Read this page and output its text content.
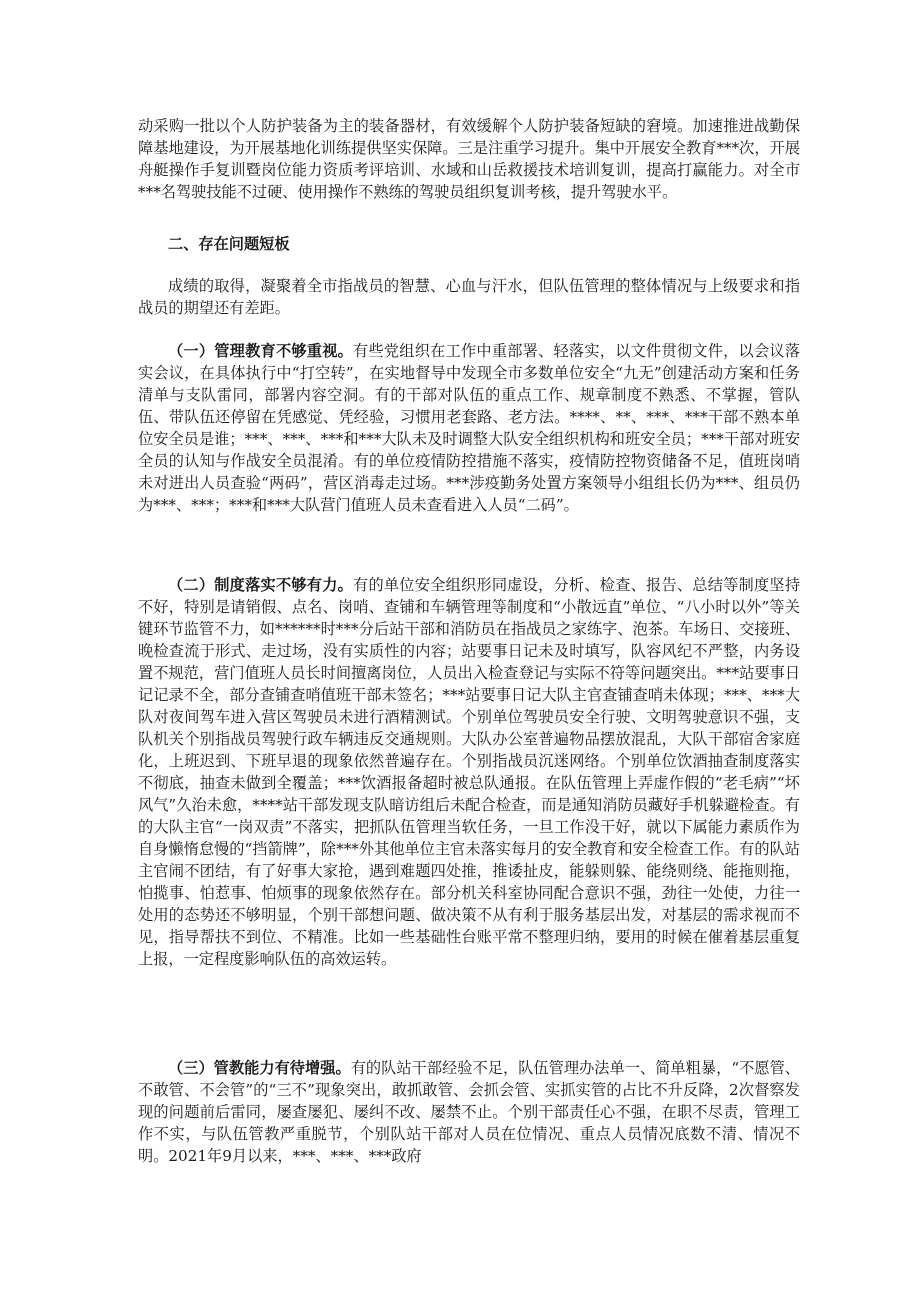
动采购一批以个人防护装备为主的装备器材，有效缓解个人防护装备短缺的窘境。加速推进战勤保障基地建设，为开展基地化训练提供坚实保障。三是注重学习提升。集中开展安全教育***次，开展舟艇操作手复训暨岗位能力资质考评培训、水域和山岳救援技术培训复训，提高打赢能力。对全市***名驾驶技能不过硬、使用操作不熟练的驾驶员组织复训考核，提升驾驶水平。

二、存在问题短板

成绩的取得，凝聚着全市指战员的智慧、心血与汗水，但队伍管理的整体情况与上级要求和指战员的期望还有差距。

（一）管理教育不够重视。有些党组织在工作中重部署、轻落实，以文件贯彻文件，以会议落实会议，在具体执行中“打空转”，在实地督导中发现全市多数单位安全“九无”创建活动方案和任务清单与支队雷同，部署内容空洞。有的干部对队伍的重点工作、规章制度不熟悉、不掌握，管队伍、带队伍还停留在凭感觉、凭经验，习惯用老套路、老方法。****、**、***、***干部不熟本单位安全员是谁；***、***、***和***大队未及时调整大队安全组织机构和班安全员；***干部对班安全员的认知与作战安全员混淆。有的单位疫情防控措施不落实，疫情防控物资储备不足，值班岗哨未对进出人员查验“两码”，营区消毒走过场。***涉疫勤务处置方案领导小组组长仍为***、组员仍为***、***；***和***大队营门值班人员未查看进入人员“二码”。

（二）制度落实不够有力。有的单位安全组织形同虚设，分析、检查、报告、总结等制度坚持不好，特别是请销假、点名、岗哨、查铺和车辆管理等制度和“小散远直”单位、“八小时以外”等关键环节监管不力，如******时***分后站干部和消防员在指战员之家练字、泡茶。车场日、交接班、晚检查流于形式、走过场，没有实质性的内容；站要事日记未及时填写，队容风纪不严整，内务设置不规范，营门值班人员长时间擅离岗位，人员出入检查登记与实际不符等问题突出。***站要事日记记录不全，部分查铺查哨值班干部未签名；***站要事日记大队主官查铺查哨未体现；***、***大队对夜间驾车进入营区驾驶员未进行酒精测试。个别单位驾驶员安全行驶、文明驾驶意识不强，支队机关个别指战员驾驶行政车辆违反交通规则。大队办公室普遍物品摆放混乱，大队干部宿舍家庭化，上班迟到、下班早退的现象依然普遍存在。个别指战员沉迷网络。个别单位饮酒抽查制度落实不彻底，抽查未做到全覆盖；***饮酒报备超时被总队通报。在队伍管理上弄虚作假的“老毛病”“坏风气”久治未愈，****站干部发现支队暗访组后未配合检查，而是通知消防员藏好手机躲避检查。有的大队主官“一岗双责”不落实，把抓队伍管理当软任务，一旦工作没干好，就以下属能力素质作为自身懒惰怠慢的“挡箭牌”，除***外其他单位主官未落实每月的安全教育和安全检查工作。有的队站主官闹不团结，有了好事大家抢，遇到难题四处推，推诿扯皮，能躲则躲、能绕则绕、能拖则拖，怕揽事、怕惹事、怕烦事的现象依然存在。部分机关科室协同配合意识不强，劲往一处使，力往一处用的态势还不够明显，个别干部想问题、做决策不从有利于服务基层出发，对基层的需求视而不见，指导帮扶不到位、不精准。比如一些基础性台账平常不整理归纳，要用的时候在催着基层重复上报，一定程度影响队伍的高效运转。

（三）管教能力有待增强。有的队站干部经验不足，队伍管理办法单一、简单粗暴，“不愿管、不敢管、不会管”的“三不”现象突出，敢抓敢管、会抓会管、实抓实管的占比不升反降，2次督察发现的问题前后雷同，屡查屡犯、屡纠不改、屡禁不止。个别干部责任心不强，在职不尽责，管理工作不实，与队伍管教严重脱节，个别队站干部对人员在位情况、重点人员情况底数不清、情况不明。2021年9月以来，***、***、***政府
